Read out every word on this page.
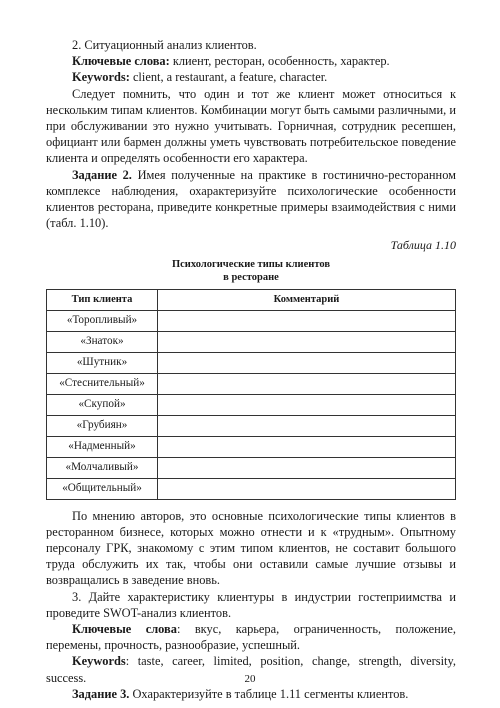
2. Ситуационный анализ клиентов.

Ключевые слова: клиент, ресторан, особенность, характер.

Keywords: client, a restaurant, a feature, character.

Следует помнить, что один и тот же клиент может относиться к нескольким типам клиентов. Комбинации могут быть самыми различными, и при обслуживании это нужно учитывать. Горничная, сотрудник ресепшен, официант или бармен должны уметь чувствовать потребительское поведение клиента и определять особенности его характера.

Задание 2. Имея полученные на практике в гостинично-ресторанном комплексе наблюдения, охарактеризуйте психологические особенности клиентов ресторана, приведите конкретные примеры взаимодействия с ними (табл. 1.10).

Таблица 1.10

Психологические типы клиентов

в ресторане

Тип клиента	Комментарий
«Торопливый»	
«Знаток»	
«Шутник»	
«Стеснительный»	
«Скупой»	
«Грубиян»	
«Надменный»	
«Молчаливый»	
«Общительный»	

По мнению авторов, это основные психологические типы клиентов в ресторанном бизнесе, которых можно отнести и к «трудным». Опытному персоналу ГРК, знакомому с этим типом клиентов, не составит большого труда обслужить их так, чтобы они оставили самые лучшие отзывы и возвращались в заведение вновь.

3. Дайте характеристику клиентуры в индустрии гостеприимства и проведите SWOT-анализ клиентов.

Ключевые слова: вкус, карьера, ограниченность, положение, перемены, прочность, разнообразие, успешный.

Keywords: taste, career, limited, position, change, strength, diversity, success.

Задание 3. Охарактеризуйте в таблице 1.11 сегменты клиентов.

20
